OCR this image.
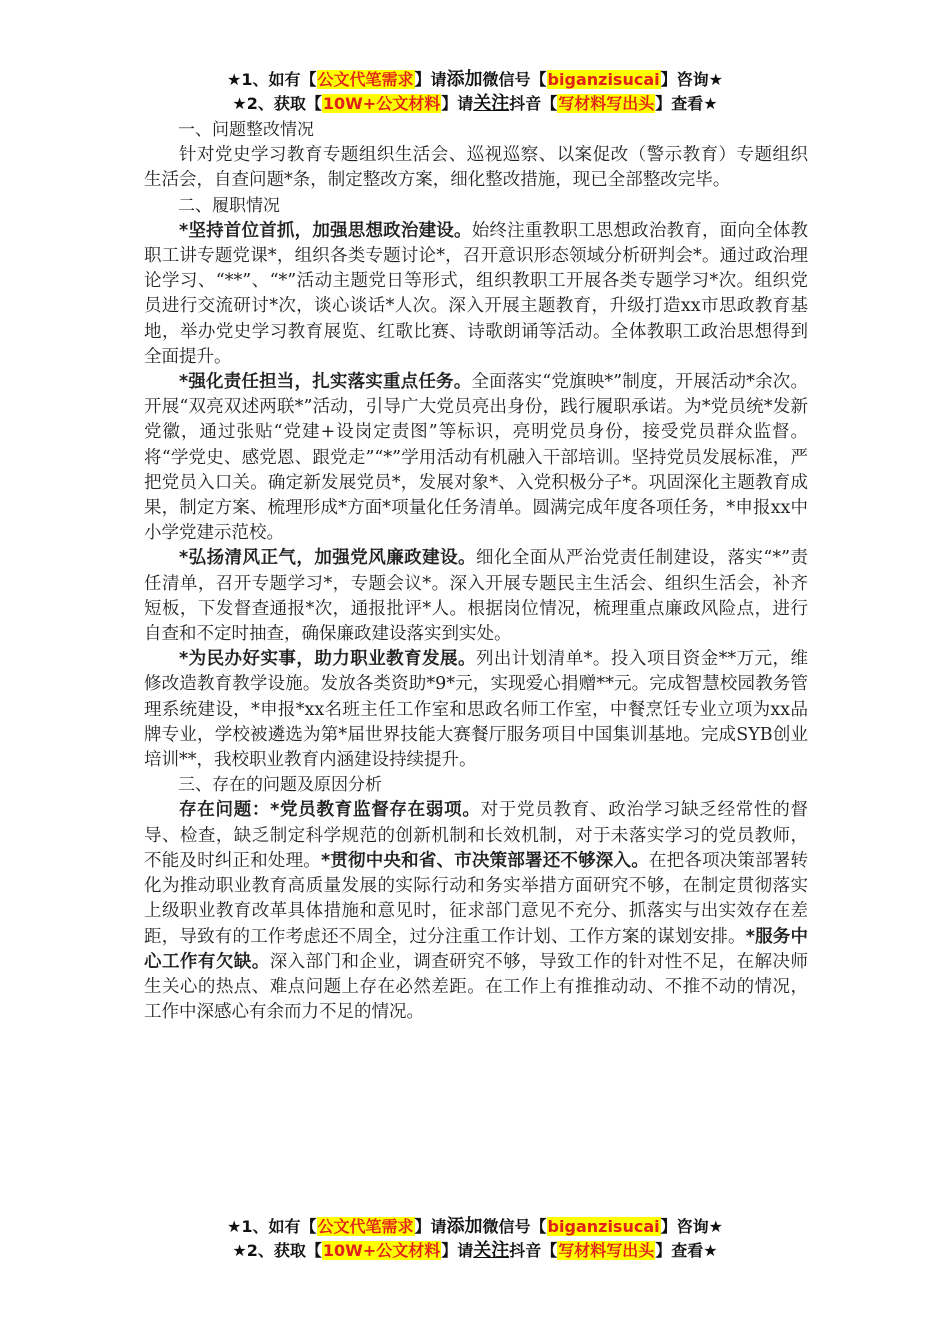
★1、如有【公文代笔需求】请添加微信号【biganzisucai】咨询★
★2、获取【10W+公文材料】请关注抖音【写材料写出头】查看★

一、问题整改情况

针对党史学习教育专题组织生活会、巡视巡察、以案促改（警示教育）专题组织生活会，自查问题*条，制定整改方案，细化整改措施，现已全部整改完毕。

二、履职情况

*坚持首位首抓，加强思想政治建设。始终注重教职工思想政治教育，面向全体教职工讲专题党课*，组织各类专题讨论*，召开意识形态领域分析研判会*。通过政治理论学习、“**”、“*”活动主题党日等形式，组织教职工开展各类专题学习*次。组织党员进行交流研讨*次，谈心谈话*人次。深入开展主题教育，升级打造xx市思政教育基地，举办党史学习教育展览、红歌比赛、诗歌朗诵等活动。全体教职工政治思想得到全面提升。

*强化责任担当，扎实落实重点任务。全面落实“党旗映*”制度，开展活动*余次。开展“双亮双述两联*”活动，引导广大党员亮出身份，践行履职承诺。为*党员统*发新党徽，通过张贴“党建+设岗定责图”等标识，亮明党员身份，接受党员群众监督。将“学党史、感党恩、跟党走”“*”学用活动有机融入干部培训。坚持党员发展标准，严把党员入口关。确定新发展党员*，发展对象*、入党积极分子*。巩固深化主题教育成果，制定方案、梳理形成*方面*项量化任务清单。圆满完成年度各项任务，*申报xx中小学党建示范校。

*弘扬清风正气，加强党风廉政建设。细化全面从严治党责任制建设，落实“*”责任清单，召开专题学习*，专题会议*。深入开展专题民主生活会、组织生活会，补齐短板，下发督查通报*次，通报批评*人。根据岗位情况，梳理重点廉政风险点，进行自查和不定时抽查，确保廉政建设落实到实处。

*为民办好实事，助力职业教育发展。列出计划清单*。投入项目资金**万元，维修改造教育教学设施。发放各类资助*9*元，实现爱心捐赠**元。完成智慧校园教务管理系统建设，*申报*xx名班主任工作室和思政名师工作室，中餐烹饪专业立项为xx品牌专业，学校被遴选为第*届世界技能大赛餐厅服务项目中国集训基地。完成SYB创业培训**，我校职业教育内涵建设持续提升。

三、存在的问题及原因分析

存在问题：*党员教育监督存在弱项。对于党员教育、政治学习缺乏经常性的督导、检查，缺乏制定科学规范的创新机制和长效机制，对于未落实学习的党员教师，不能及时纠正和处理。*贯彻中央和省、市决策部署还不够深入。在把各项决策部署转化为推动职业教育高质量发展的实际行动和务实举措方面研究不够，在制定贯彻落实上级职业教育改革具体措施和意见时，征求部门意见不充分、抓落实与出实效存在差距，导致有的工作考虑还不周全，过分注重工作计划、工作方案的谋划安排。*服务中心工作有欠缺。深入部门和企业，调查研究不够，导致工作的针对性不足，在解决师生关心的热点、难点问题上存在必然差距。在工作上有推推动动、不推不动的情况，工作中深感心有余而力不足的情况。

★1、如有【公文代笔需求】请添加微信号【biganzisucai】咨询★
★2、获取【10W+公文材料】请关注抖音【写材料写出头】查看★
